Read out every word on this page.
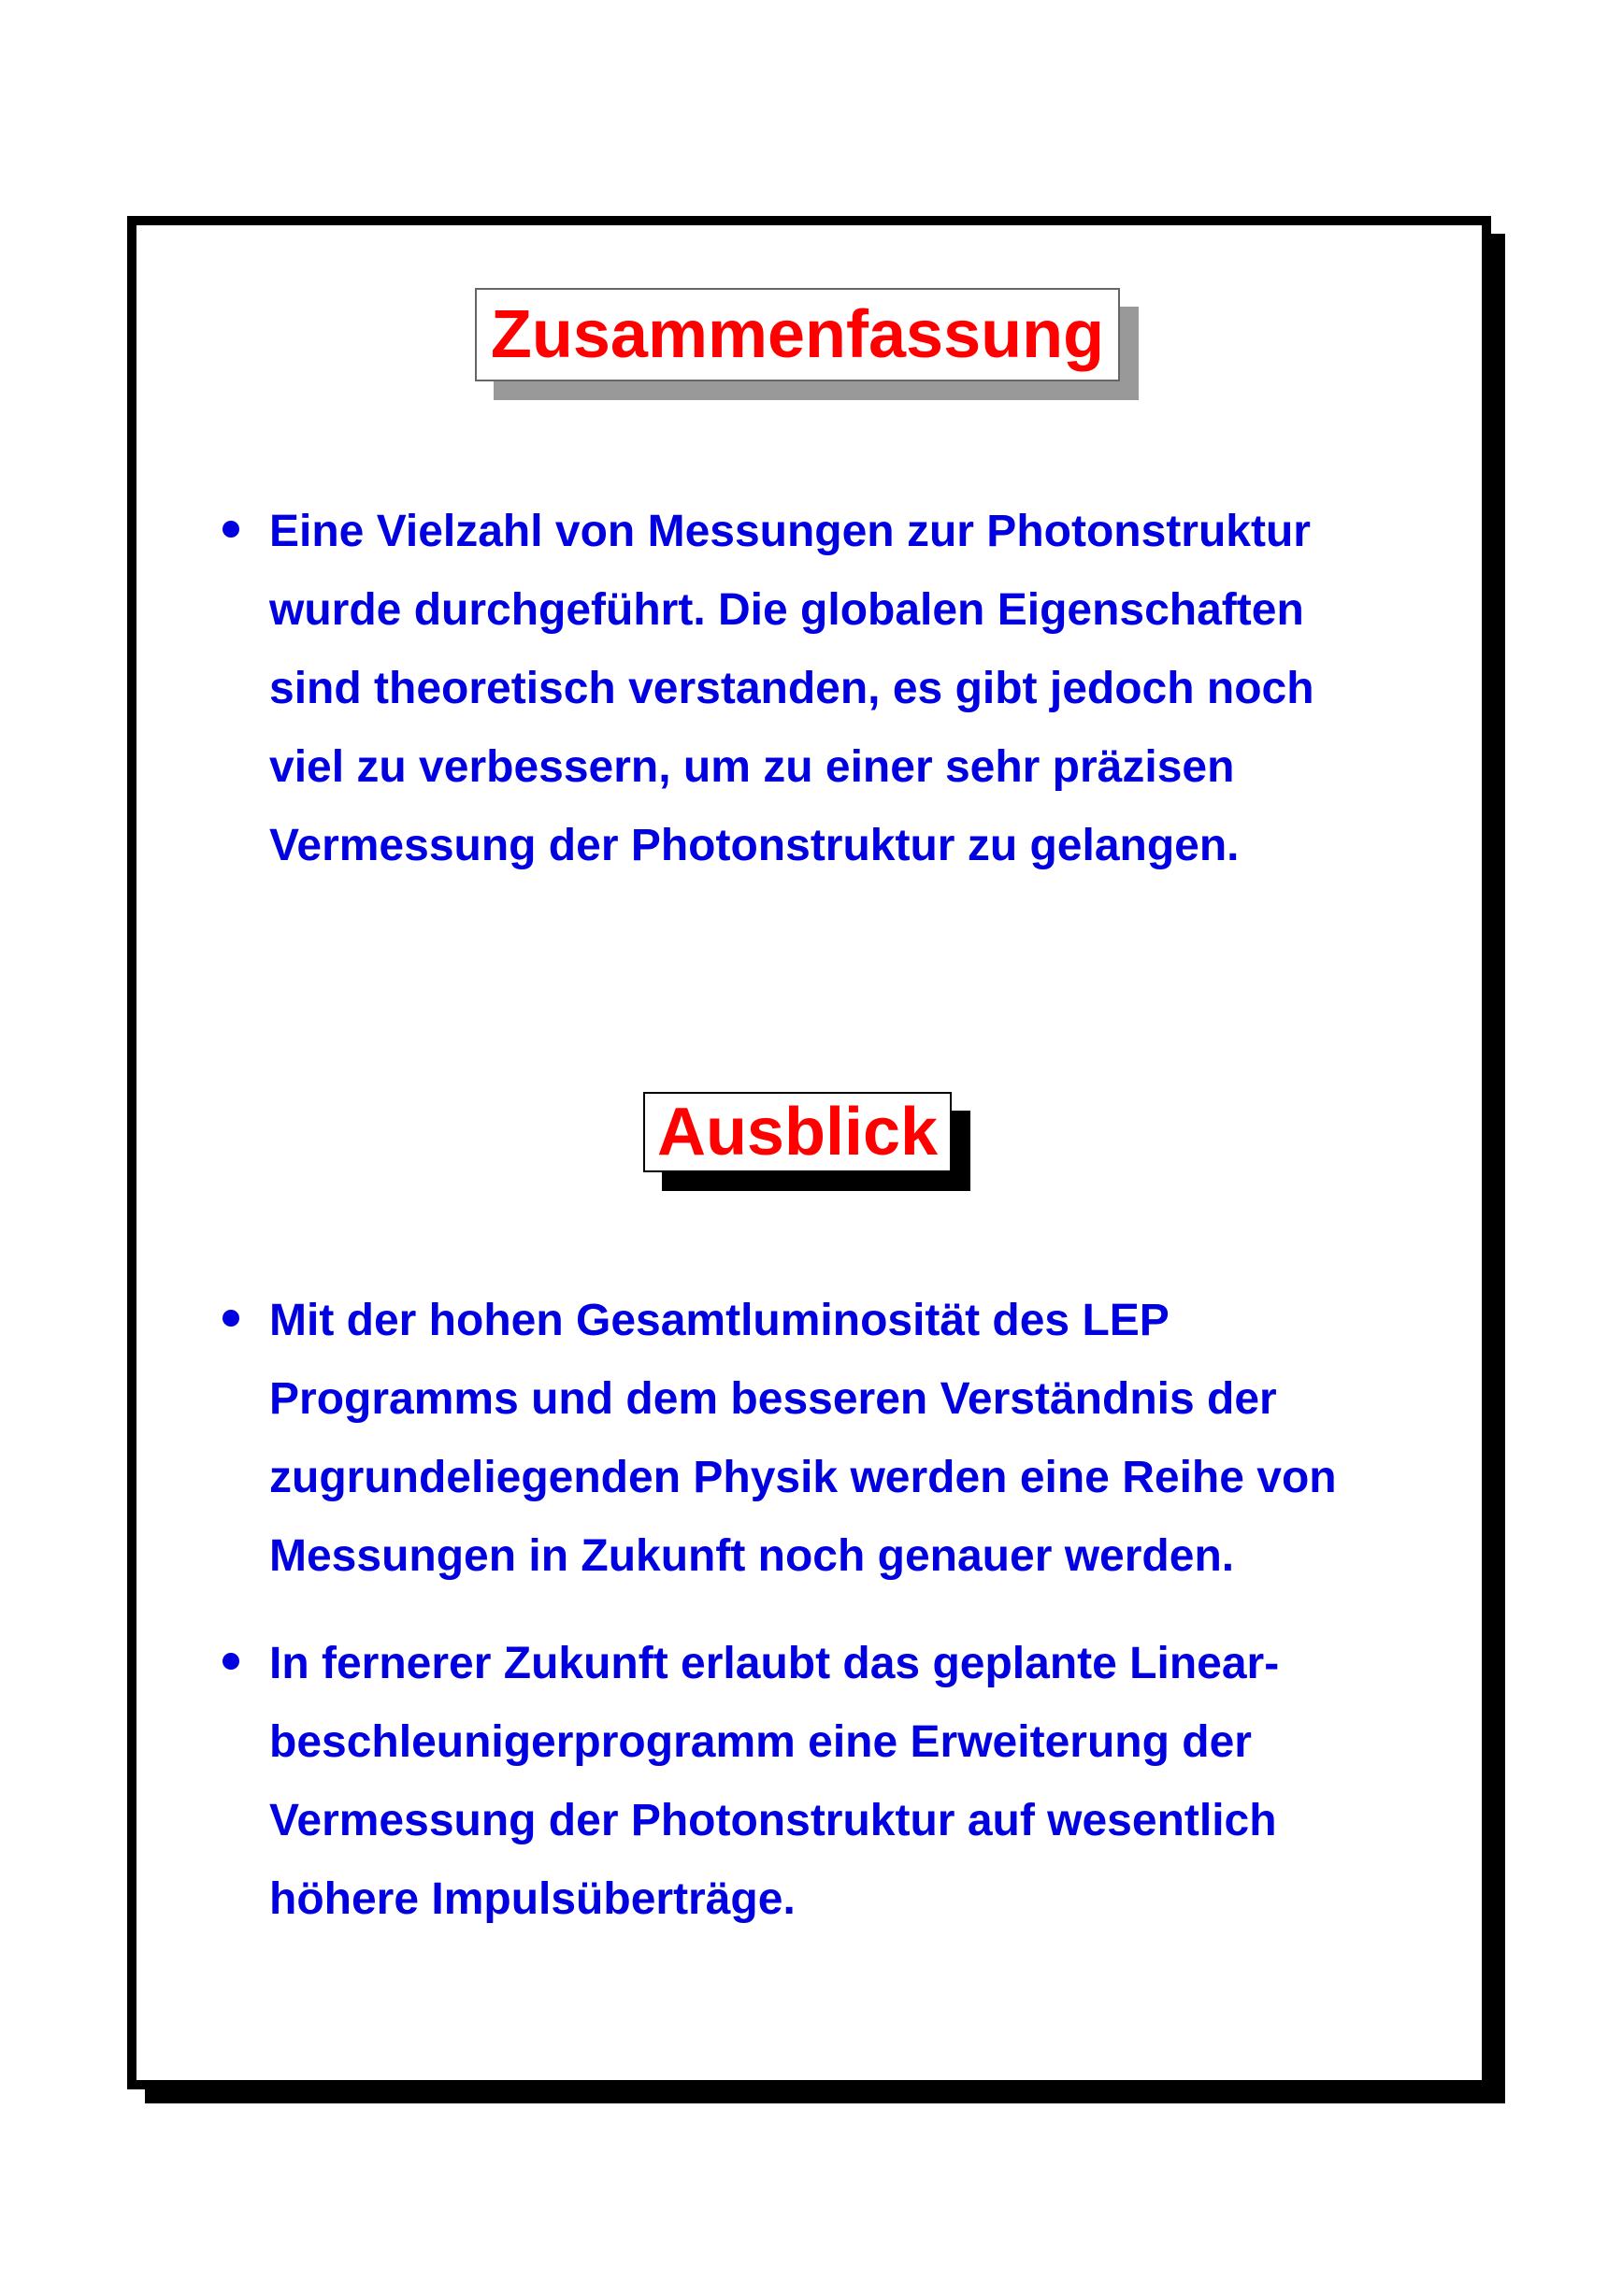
Zusammenfassung
Eine Vielzahl von Messungen zur Photonstruktur
wurde durchgeführt. Die globalen Eigenschaften
sind theoretisch verstanden, es gibt jedoch noch
viel zu verbessern, um zu einer sehr präzisen
Vermessung der Photonstruktur zu gelangen.
Ausblick
Mit der hohen Gesamtluminosität des LEP
Programms und dem besseren Verständnis der
zugrundeliegenden Physik werden eine Reihe von
Messungen in Zukunft noch genauer werden.
In fernerer Zukunft erlaubt das geplante Linear-
beschleunigerprogramm eine Erweiterung der
Vermessung der Photonstruktur auf wesentlich
höhere Impulsüberträge.
